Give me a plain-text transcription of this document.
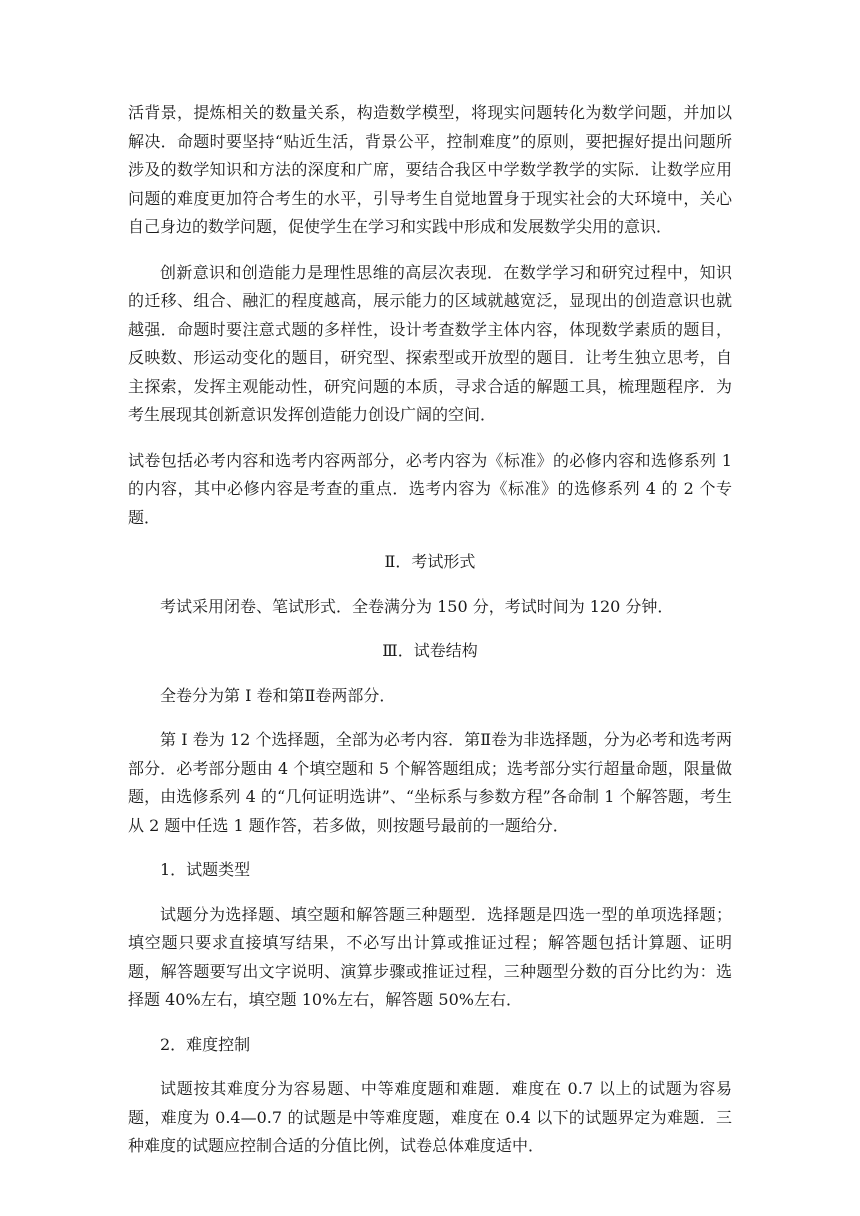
活背景，提炼相关的数量关系，构造数学模型，将现实问题转化为数学问题，并加以解决．命题时要坚持“贴近生活，背景公平，控制难度”的原则，要把握好提出问题所涉及的数学知识和方法的深度和广席，要结合我区中学数学教学的实际．让数学应用问题的难度更加符合考生的水平，引导考生自觉地置身于现实社会的大环境中，关心自己身边的数学问题，促使学生在学习和实践中形成和发展数学尖用的意识．

创新意识和创造能力是理性思维的高层次表现．在数学学习和研究过程中，知识的迁移、组合、融汇的程度越高，展示能力的区域就越宽泛，显现出的创造意识也就越强．命题时要注意式题的多样性，设计考查数学主体内容，体现数学素质的题目，反映数、形运动变化的题目，研究型、探索型或开放型的题目．让考生独立思考，自主探索，发挥主观能动性，研究问题的本质，寻求合适的解题工具，梳理题程序．为考生展现其创新意识发挥创造能力创设广阔的空间．

试卷包括必考内容和选考内容两部分，必考内容为《标准》的必修内容和选修系列 1 的内容，其中必修内容是考查的重点．选考内容为《标准》的选修系列 4 的 2 个专题．

Ⅱ．考试形式

考试采用闭卷、笔试形式．全卷满分为 150 分，考试时间为 120 分钟．

Ⅲ．试卷结构

全卷分为第 I 卷和第Ⅱ卷两部分．

第 I 卷为 12 个选择题，全部为必考内容．第Ⅱ卷为非选择题，分为必考和选考两部分．必考部分题由 4 个填空题和 5 个解答题组成；选考部分实行超量命题，限量做题，由选修系列 4 的“几何证明选讲”、“坐标系与参数方程”各命制 1 个解答题，考生从 2 题中任选 1 题作答，若多做，则按题号最前的一题给分．

1．试题类型

试题分为选择题、填空题和解答题三种题型．选择题是四选一型的单项选择题；填空题只要求直接填写结果，不必写出计算或推证过程；解答题包括计算题、证明题，解答题要写出文字说明、演算步骤或推证过程，三种题型分数的百分比约为：选择题 40%左右，填空题 10%左右，解答题 50%左右．

2．难度控制

试题按其难度分为容易题、中等难度题和难题．难度在 0.7 以上的试题为容易题，难度为 0.4—0.7 的试题是中等难度题，难度在 0.4 以下的试题界定为难题．三种难度的试题应控制合适的分值比例，试卷总体难度适中．
